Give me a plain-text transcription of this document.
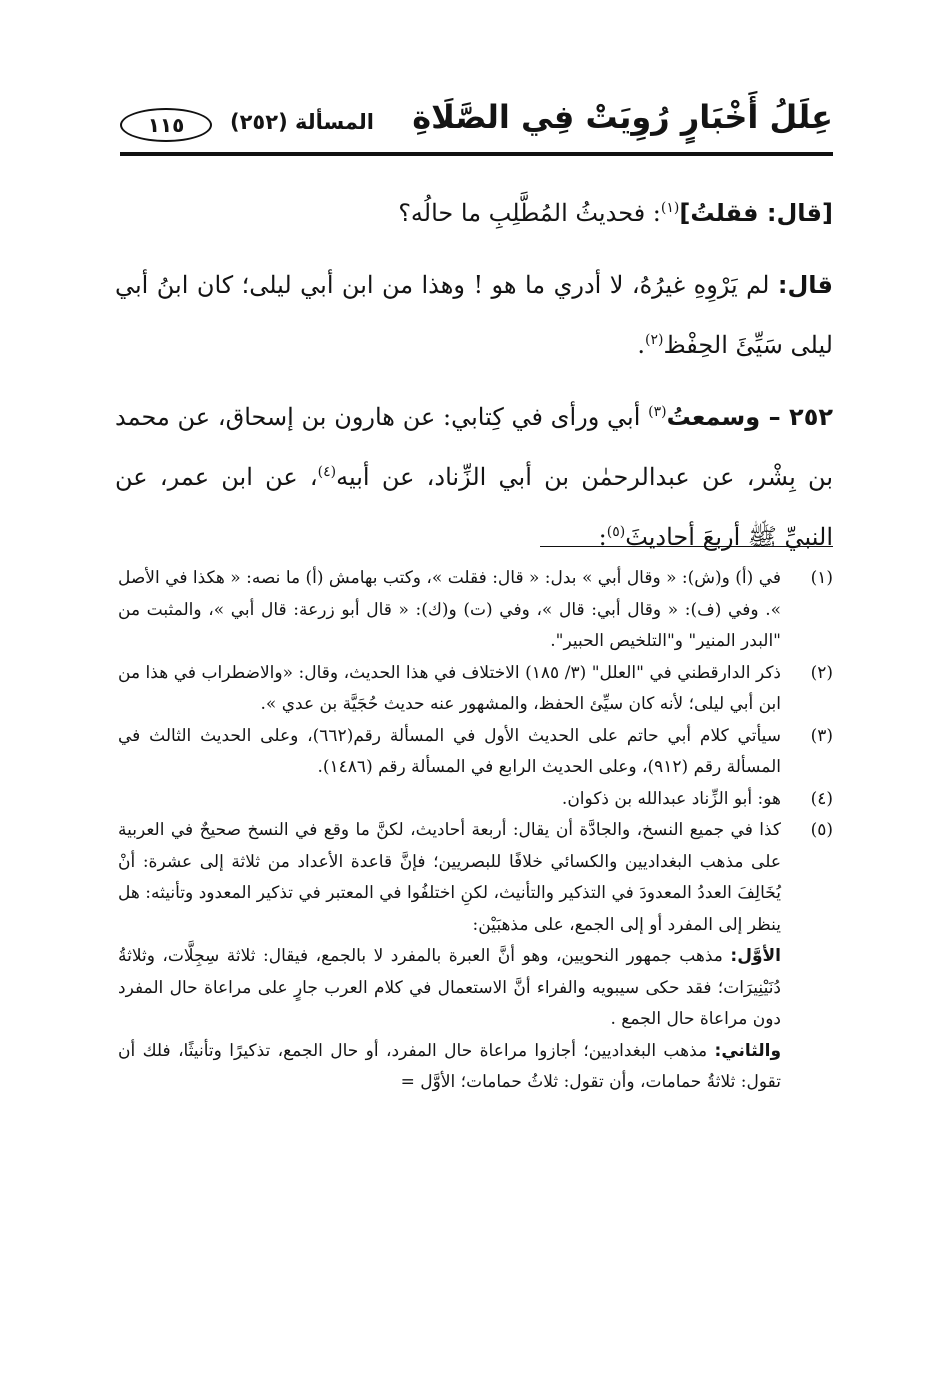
عِلَلُ أَخْبَارٍ رُوِيَتْ فِي الصَّلَاةِ
المسألة (٢٥٢)
١١٥

[قال: فقلتُ]$^{(١)}$: فحديثُ المُطَّلِبِ ما حالُه؟

قال: لم يَرْوِهِ غيرُهُ، لا أدري ما هو ! وهذا من ابن أبي ليلى؛ كان ابنُ أبي ليلى سَيِّئَ الحِفْظ$^{(٢)}$.

٢٥٢ – وسمعتُ$^{(٣)}$ أبي ورأى في كِتابي: عن هارون بن إسحاق، عن محمد بن بِشْر، عن عبدالرحمٰن بن أبي الزِّناد، عن أبيه$^{(٤)}$، عن ابن عمر، عن النبيِّ ﷺ أربعَ أحاديثَ$^{(٥)}$:

(١)
في (أ) و(ش): « وقال أبي » بدل: « قال: فقلت »، وكتب بهامش (أ) ما نصه: « هكذا في الأصل ». وفي (ف): « وقال أبي: قال »، وفي (ت) و(ك): « قال أبو زرعة: قال أبي »، والمثبت من "البدر المنير" و"التلخيص الحبير".
(٢)
ذكر الدارقطني في "العلل" (٣/ ١٨٥) الاختلاف في هذا الحديث، وقال: «والاضطراب في هذا من ابن أبي ليلى؛ لأنه كان سيِّئ الحفظ، والمشهور عنه حديث حُجَيَّة بن عدي ».
(٣)
سيأتي كلام أبي حاتم على الحديث الأول في المسألة رقم(٦٦٢)، وعلى الحديث الثالث في المسألة رقم (٩١٢)، وعلى الحديث الرابع في المسألة رقم (١٤٨٦).
(٤)
هو: أبو الزِّناد عبدالله بن ذكوان.
(٥)

كذا في جميع النسخ، والجادَّة أن يقال: أربعة أحاديث، لكنَّ ما وقع في النسخ صحيحٌ في العربية على مذهب البغداديين والكسائي خلافًا للبصريين؛ فإنَّ قاعدة الأعداد من ثلاثة إلى عشرة: أنْ يُخَالِفَ العددُ المعدودَ في التذكير والتأنيث، لكنِ اختلفُوا في المعتبر في تذكير المعدود وتأنيثه: هل ينظر إلى المفرد أو إلى الجمع، على مذهبَيْن:

الأوَّل: مذهب جمهور النحويين، وهو أنَّ العبرة بالمفرد لا بالجمع، فيقال: ثلاثة سِجِلَّات، وثلاثةُ دُنَيْنِيرَات؛ فقد حكى سيبويه والفراء أنَّ الاستعمال في كلام العرب جارٍ على مراعاة حال المفرد دون مراعاة حال الجمع .

والثاني: مذهب البغداديين؛ أجازوا مراعاة حال المفرد، أو حال الجمع، تذكيرًا وتأنيثًا، فلك أن تقول: ثلاثةُ حمامات، وأن تقول: ثلاثُ حمامات؛ الأوَّل =
